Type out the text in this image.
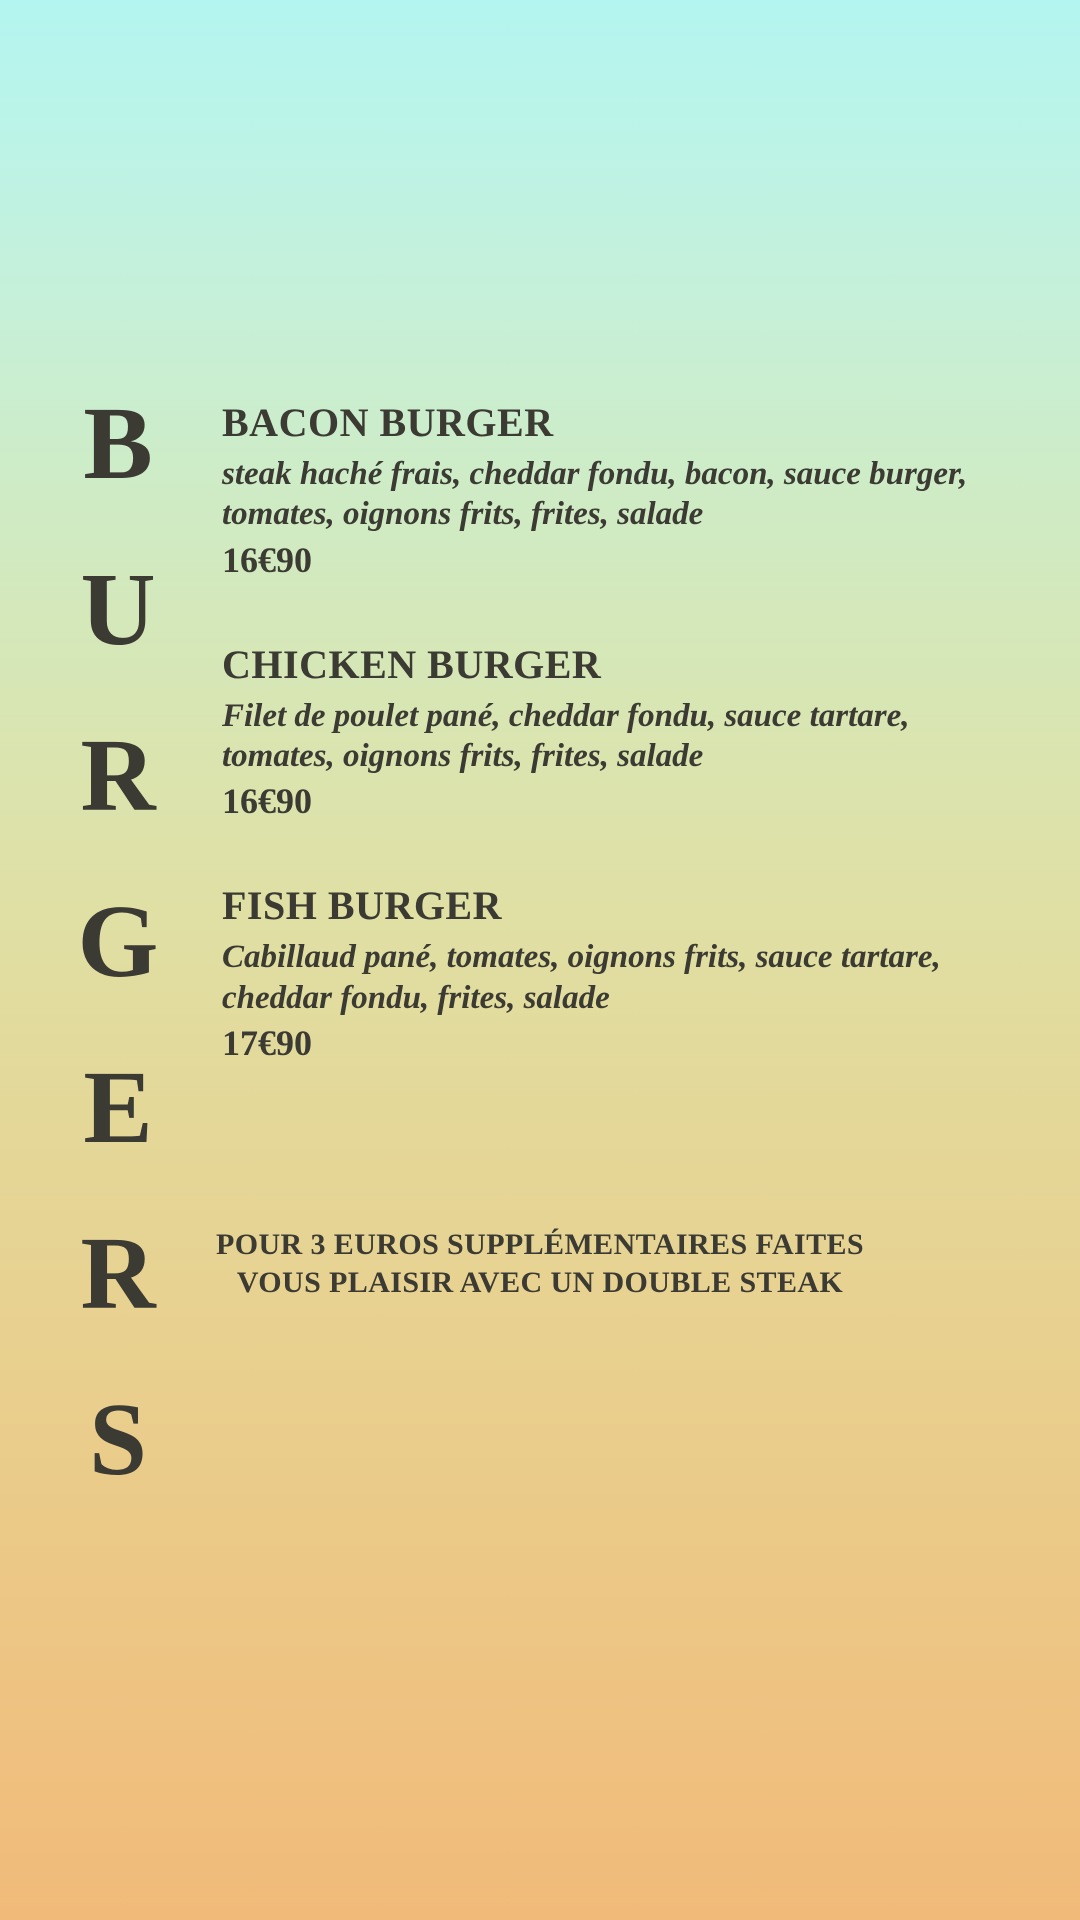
B
U
R
G
E
R
S
BACON BURGER
steak haché frais, cheddar fondu, bacon, sauce burger, tomates, oignons frits, frites, salade
16€90
CHICKEN BURGER
Filet de poulet pané, cheddar fondu, sauce tartare, tomates, oignons frits, frites, salade
16€90
FISH BURGER
Cabillaud pané, tomates, oignons frits, sauce tartare, cheddar fondu, frites, salade
17€90
POUR 3 EUROS SUPPLÉMENTAIRES FAITES
VOUS PLAISIR AVEC UN DOUBLE STEAK
